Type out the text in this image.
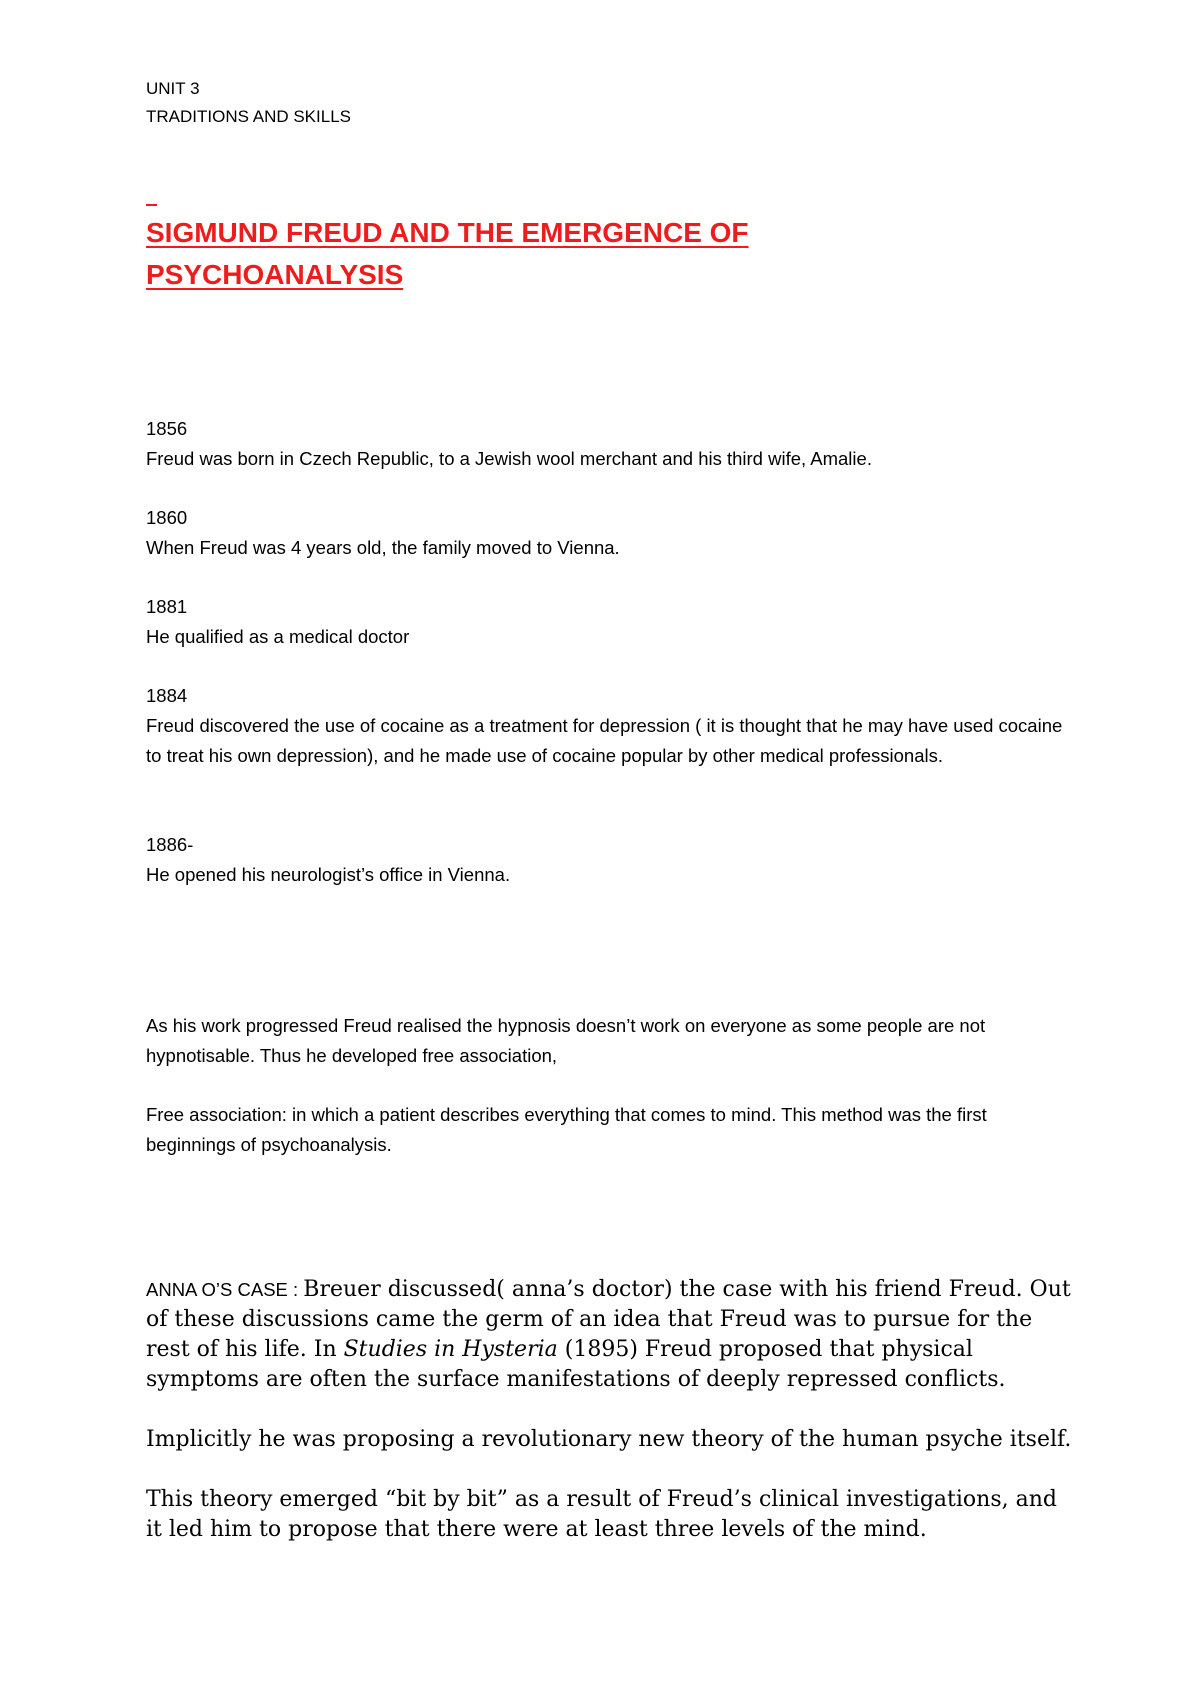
UNIT 3

TRADITIONS AND SKILLS

SIGMUND FREUD AND THE EMERGENCE OF

PSYCHOANALYSIS

1856

Freud was born in Czech Republic, to a Jewish wool merchant and his third wife, Amalie.

1860

When Freud was 4 years old, the family moved to Vienna.

1881

He qualified as a medical doctor

1884

Freud discovered the use of cocaine as a treatment for depression ( it is thought that he may have used cocaine to treat his own depression), and he made use of cocaine popular by other medical professionals.

1886-

He opened his neurologist’s office in Vienna.

As his work progressed Freud realised the hypnosis doesn’t work on everyone as some people are not hypnotisable. Thus he developed free association,

Free association: in which a patient describes everything that comes to mind. This method was the first beginnings of psychoanalysis.

ANNA O’S CASE : Breuer discussed( anna’s doctor) the case with his friend Freud. Out of these discussions came the germ of an idea that Freud was to pursue for the rest of his life. In Studies in Hysteria (1895) Freud proposed that physical symptoms are often the surface manifestations of deeply repressed conflicts.

Implicitly he was proposing a revolutionary new theory of the human psyche itself.

This theory emerged “bit by bit” as a result of Freud’s clinical investigations, and it led him to propose that there were at least three levels of the mind.
